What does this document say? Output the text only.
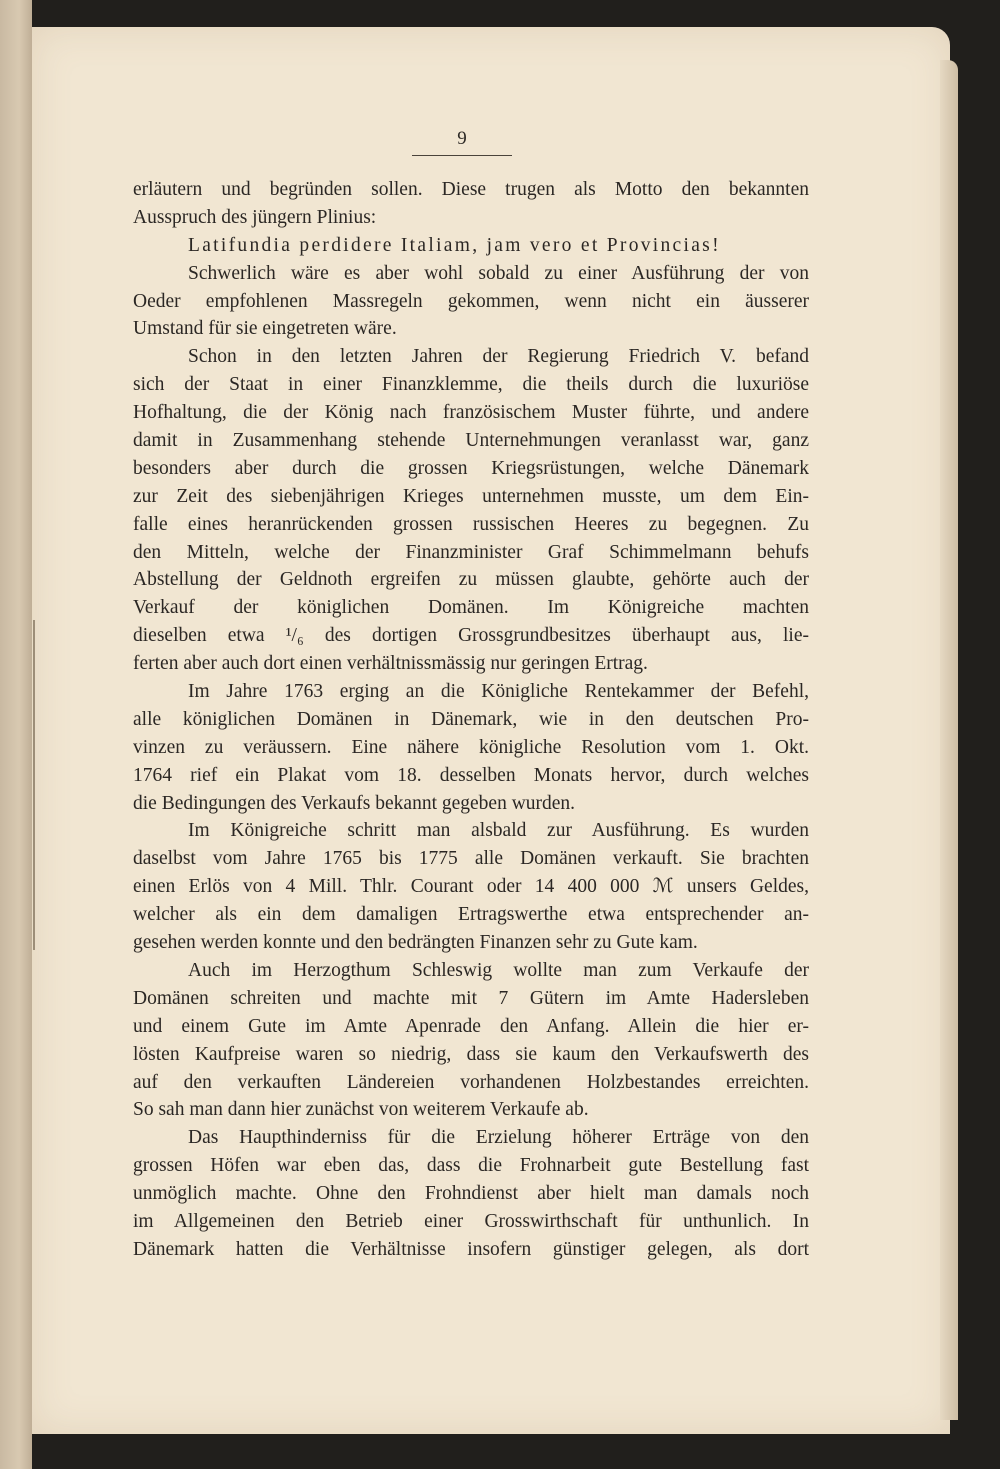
9
erläutern und begründen sollen. Diese trugen als Motto den bekannten
Ausspruch des jüngern Plinius:
Latifundia perdidere Italiam, jam vero et Provincias!
Schwerlich wäre es aber wohl sobald zu einer Ausführung der von
Oeder empfohlenen Massregeln gekommen, wenn nicht ein äusserer
Umstand für sie eingetreten wäre.
Schon in den letzten Jahren der Regierung Friedrich V. befand
sich der Staat in einer Finanzklemme, die theils durch die luxuriöse
Hofhaltung, die der König nach französischem Muster führte, und andere
damit in Zusammenhang stehende Unternehmungen veranlasst war, ganz
besonders aber durch die grossen Kriegsrüstungen, welche Dänemark
zur Zeit des siebenjährigen Krieges unternehmen musste, um dem Ein-
falle eines heranrückenden grossen russischen Heeres zu begegnen. Zu
den Mitteln, welche der Finanzminister Graf Schimmelmann behufs
Abstellung der Geldnoth ergreifen zu müssen glaubte, gehörte auch der
Verkauf der königlichen Domänen. Im Königreiche machten
dieselben etwa ¹/₆ des dortigen Grossgrundbesitzes überhaupt aus, lie-
ferten aber auch dort einen verhältnissmässig nur geringen Ertrag.
Im Jahre 1763 erging an die Königliche Rentekammer der Befehl,
alle königlichen Domänen in Dänemark, wie in den deutschen Pro-
vinzen zu veräussern. Eine nähere königliche Resolution vom 1. Okt.
1764 rief ein Plakat vom 18. desselben Monats hervor, durch welches
die Bedingungen des Verkaufs bekannt gegeben wurden.
Im Königreiche schritt man alsbald zur Ausführung. Es wurden
daselbst vom Jahre 1765 bis 1775 alle Domänen verkauft. Sie brachten
einen Erlös von 4 Mill. Thlr. Courant oder 14 400 000 ℳ unsers Geldes,
welcher als ein dem damaligen Ertragswerthe etwa entsprechender an-
gesehen werden konnte und den bedrängten Finanzen sehr zu Gute kam.
Auch im Herzogthum Schleswig wollte man zum Verkaufe der
Domänen schreiten und machte mit 7 Gütern im Amte Hadersleben
und einem Gute im Amte Apenrade den Anfang. Allein die hier er-
lösten Kaufpreise waren so niedrig, dass sie kaum den Verkaufswerth des
auf den verkauften Ländereien vorhandenen Holzbestandes erreichten.
So sah man dann hier zunächst von weiterem Verkaufe ab.
Das Haupthinderniss für die Erzielung höherer Erträge von den
grossen Höfen war eben das, dass die Frohnarbeit gute Bestellung fast
unmöglich machte. Ohne den Frohndienst aber hielt man damals noch
im Allgemeinen den Betrieb einer Grosswirthschaft für unthunlich. In
Dänemark hatten die Verhältnisse insofern günstiger gelegen, als dort
